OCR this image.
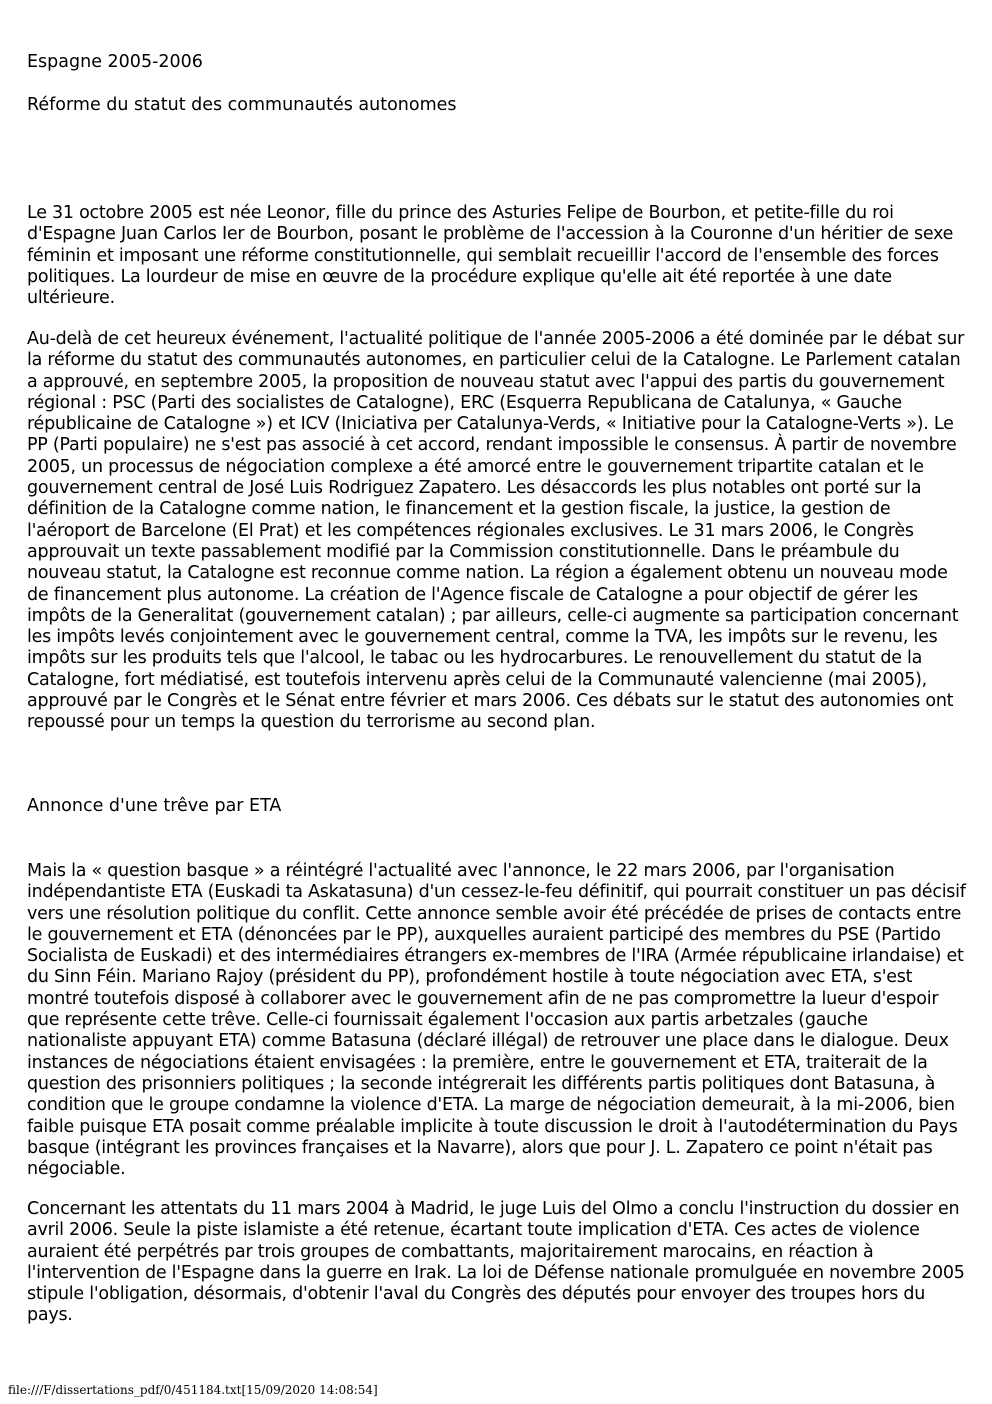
Espagne 2005-2006

Réforme du statut des communautés autonomes

Le 31 octobre 2005 est née Leonor, fille du prince des Asturies Felipe de Bourbon, et petite-fille du roi d'Espagne Juan Carlos Ier de Bourbon, posant le problème de l'accession à la Couronne d'un héritier de sexe féminin et imposant une réforme constitutionnelle, qui semblait recueillir l'accord de l'ensemble des forces politiques. La lourdeur de mise en œuvre de la procédure explique qu'elle ait été reportée à une date ultérieure.

Au-delà de cet heureux événement, l'actualité politique de l'année 2005-2006 a été dominée par le débat sur la réforme du statut des communautés autonomes, en particulier celui de la Catalogne. Le Parlement catalan a approuvé, en septembre 2005, la proposition de nouveau statut avec l'appui des partis du gouvernement régional : PSC (Parti des socialistes de Catalogne), ERC (Esquerra Republicana de Catalunya, « Gauche républicaine de Catalogne ») et ICV (Iniciativa per Catalunya-Verds, « Initiative pour la Catalogne-Verts »). Le PP (Parti populaire) ne s'est pas associé à cet accord, rendant impossible le consensus. À partir de novembre 2005, un processus de négociation complexe a été amorcé entre le gouvernement tripartite catalan et le gouvernement central de José Luis Rodriguez Zapatero. Les désaccords les plus notables ont porté sur la définition de la Catalogne comme nation, le financement et la gestion fiscale, la justice, la gestion de l'aéroport de Barcelone (El Prat) et les compétences régionales exclusives. Le 31 mars 2006, le Congrès approuvait un texte passablement modifié par la Commission constitutionnelle. Dans le préambule du nouveau statut, la Catalogne est reconnue comme nation. La région a également obtenu un nouveau mode de financement plus autonome. La création de l'Agence fiscale de Catalogne a pour objectif de gérer les impôts de la Generalitat (gouvernement catalan) ; par ailleurs, celle-ci augmente sa participation concernant les impôts levés conjointement avec le gouvernement central, comme la TVA, les impôts sur le revenu, les impôts sur les produits tels que l'alcool, le tabac ou les hydrocarbures. Le renouvellement du statut de la Catalogne, fort médiatisé, est toutefois intervenu après celui de la Communauté valencienne (mai 2005), approuvé par le Congrès et le Sénat entre février et mars 2006. Ces débats sur le statut des autonomies ont repoussé pour un temps la question du terrorisme au second plan.

Annonce d'une trêve par ETA

Mais la « question basque » a réintégré l'actualité avec l'annonce, le 22 mars 2006, par l'organisation indépendantiste ETA (Euskadi ta Askatasuna) d'un cessez-le-feu définitif, qui pourrait constituer un pas décisif vers une résolution politique du conflit. Cette annonce semble avoir été précédée de prises de contacts entre le gouvernement et ETA (dénoncées par le PP), auxquelles auraient participé des membres du PSE (Partido Socialista de Euskadi) et des intermédiaires étrangers ex-membres de l'IRA (Armée républicaine irlandaise) et du Sinn Féin. Mariano Rajoy (président du PP), profondément hostile à toute négociation avec ETA, s'est montré toutefois disposé à collaborer avec le gouvernement afin de ne pas compromettre la lueur d'espoir que représente cette trêve. Celle-ci fournissait également l'occasion aux partis arbetzales (gauche nationaliste appuyant ETA) comme Batasuna (déclaré illégal) de retrouver une place dans le dialogue. Deux instances de négociations étaient envisagées : la première, entre le gouvernement et ETA, traiterait de la question des prisonniers politiques ; la seconde intégrerait les différents partis politiques dont Batasuna, à condition que le groupe condamne la violence d'ETA. La marge de négociation demeurait, à la mi-2006, bien faible puisque ETA posait comme préalable implicite à toute discussion le droit à l'autodétermination du Pays basque (intégrant les provinces françaises et la Navarre), alors que pour J. L. Zapatero ce point n'était pas négociable.

Concernant les attentats du 11 mars 2004 à Madrid, le juge Luis del Olmo a conclu l'instruction du dossier en avril 2006. Seule la piste islamiste a été retenue, écartant toute implication d'ETA. Ces actes de violence auraient été perpétrés par trois groupes de combattants, majoritairement marocains, en réaction à l'intervention de l'Espagne dans la guerre en Irak. La loi de Défense nationale promulguée en novembre 2005 stipule l'obligation, désormais, d'obtenir l'aval du Congrès des députés pour envoyer des troupes hors du pays.

file:///F/dissertations_pdf/0/451184.txt[15/09/2020 14:08:54]
